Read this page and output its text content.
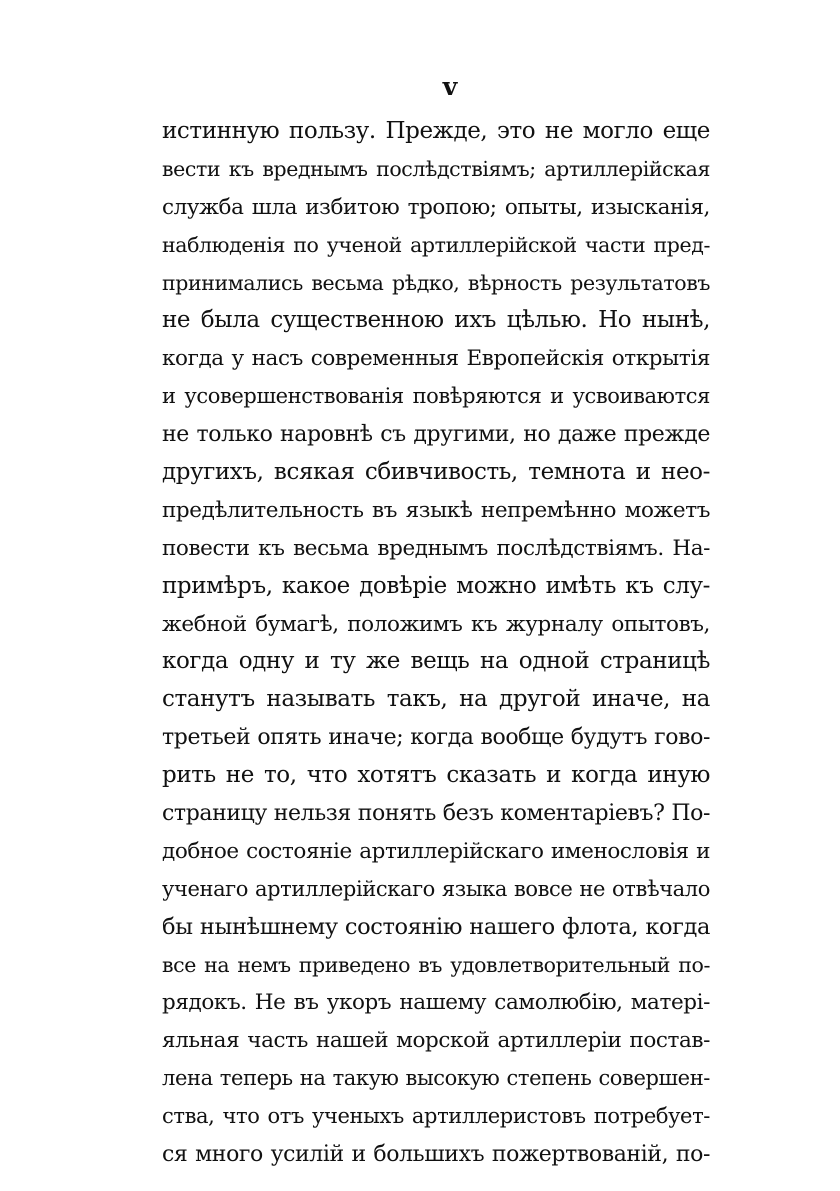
v
истинную пользу. Прежде, это не могло еще
вести къ вреднымъ послѣдствіямъ; артиллерійская
служба шла избитою тропою; опыты, изысканія,
наблюденія по ученой артиллерійской части пред-
принимались весьма рѣдко, вѣрность результатовъ
не была существенною ихъ цѣлью. Но нынѣ,
когда у насъ современныя Европейскія открытія
и усовершенствованія повѣряются и усвоиваются
не только наровнѣ съ другими, но даже прежде
другихъ, всякая сбивчивость, темнота и нео-
предѣлительность въ языкѣ непремѣнно можетъ
повести къ весьма вреднымъ послѣдствіямъ. На-
примѣръ, какое довѣріе можно имѣть къ слу-
жебной бумагѣ, положимъ къ журналу опытовъ,
когда одну и ту же вещь на одной страницѣ
станутъ называть такъ, на другой иначе, на
третьей опять иначе; когда вообще будутъ гово-
рить не то, что хотятъ сказать и когда иную
страницу нельзя понять безъ коментаріевъ? По-
добное состояніе артиллерійскаго именословія и
ученаго артиллерійскаго языка вовсе не отвѣчало
бы нынѣшнему состоянію нашего флота, когда
все на немъ приведено въ удовлетворительный по-
рядокъ. Не въ укоръ нашему самолюбію, матері-
яльная часть нашей морской артиллеріи постав-
лена теперь на такую высокую степень совершен-
ства, что отъ ученыхъ артиллеристовъ потребует-
ся много усилій и большихъ пожертвованій, по-
